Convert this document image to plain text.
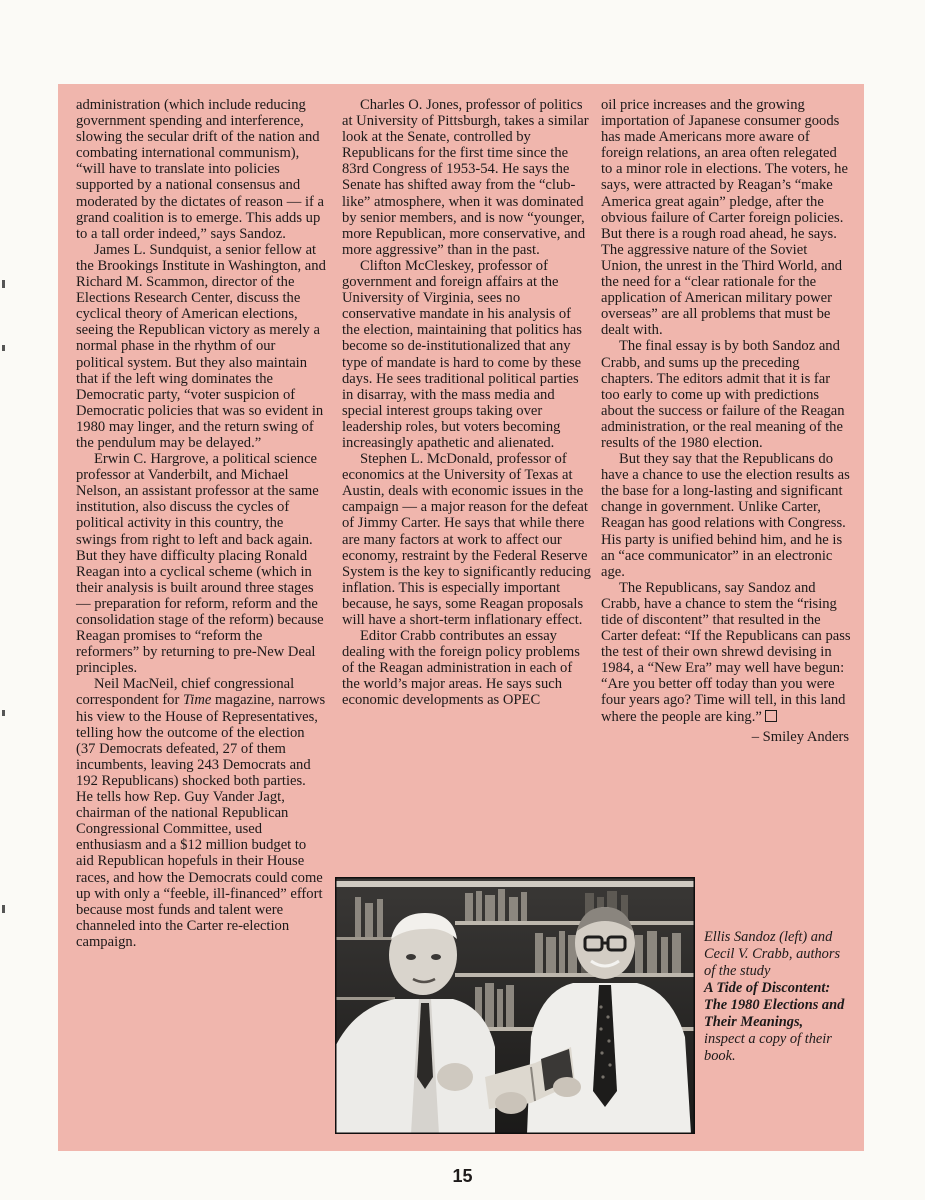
administration (which include reducing government spending and interference, slowing the secular drift of the nation and combating international communism), “will have to translate into policies supported by a national consensus and moderated by the dictates of reason — if a grand coalition is to emerge. This adds up to a tall order indeed,” says Sandoz.

James L. Sundquist, a senior fellow at the Brookings Institute in Washington, and Richard M. Scammon, director of the Elections Research Center, discuss the cyclical theory of American elections, seeing the Republican victory as merely a normal phase in the rhythm of our political system. But they also maintain that if the left wing dominates the Democratic party, “voter suspicion of Democratic policies that was so evident in 1980 may linger, and the return swing of the pendulum may be delayed.”

Erwin C. Hargrove, a political science professor at Vanderbilt, and Michael Nelson, an assistant professor at the same institution, also discuss the cycles of political activity in this country, the swings from right to left and back again. But they have difficulty placing Ronald Reagan into a cyclical scheme (which in their analysis is built around three stages — preparation for reform, reform and the consolidation stage of the reform) because Reagan promises to “reform the reformers” by returning to pre-New Deal principles.

Neil MacNeil, chief congressional correspondent for Time magazine, narrows his view to the House of Representatives, telling how the outcome of the election (37 Democrats defeated, 27 of them incumbents, leaving 243 Democrats and 192 Republicans) shocked both parties. He tells how Rep. Guy Vander Jagt, chairman of the national Republican Congressional Committee, used enthusiasm and a $12 million budget to aid Republican hopefuls in their House races, and how the Democrats could come up with only a “feeble, ill-financed” effort because most funds and talent were channeled into the Carter re-election campaign.

Charles O. Jones, professor of politics at University of Pittsburgh, takes a similar look at the Senate, controlled by Republicans for the first time since the 83rd Congress of 1953-54. He says the Senate has shifted away from the “club-like” atmosphere, when it was dominated by senior members, and is now “younger, more Republican, more conservative, and more aggressive” than in the past.

Clifton McCleskey, professor of government and foreign affairs at the University of Virginia, sees no conservative mandate in his analysis of the election, maintaining that politics has become so de-institutionalized that any type of mandate is hard to come by these days. He sees traditional political parties in disarray, with the mass media and special interest groups taking over leadership roles, but voters becoming increasingly apathetic and alienated.

Stephen L. McDonald, professor of economics at the University of Texas at Austin, deals with economic issues in the campaign — a major reason for the defeat of Jimmy Carter. He says that while there are many factors at work to affect our economy, restraint by the Federal Reserve System is the key to significantly reducing inflation. This is especially important because, he says, some Reagan proposals will have a short-term inflationary effect.

Editor Crabb contributes an essay dealing with the foreign policy problems of the Reagan administration in each of the world’s major areas. He says such economic developments as OPEC

oil price increases and the growing importation of Japanese consumer goods has made Americans more aware of foreign relations, an area often relegated to a minor role in elections. The voters, he says, were attracted by Reagan’s “make America great again” pledge, after the obvious failure of Carter foreign policies. But there is a rough road ahead, he says. The aggressive nature of the Soviet Union, the unrest in the Third World, and the need for a “clear rationale for the application of American military power overseas” are all problems that must be dealt with.

The final essay is by both Sandoz and Crabb, and sums up the preceding chapters. The editors admit that it is far too early to come up with predictions about the success or failure of the Reagan administration, or the real meaning of the results of the 1980 election.

But they say that the Republicans do have a chance to use the election results as the base for a long-lasting and significant change in government. Unlike Carter, Reagan has good relations with Congress. His party is unified behind him, and he is an “ace communicator” in an electronic age.

The Republicans, say Sandoz and Crabb, have a chance to stem the “rising tide of discontent” that resulted in the Carter defeat: “If the Republicans can pass the test of their own shrewd devising in 1984, a “New Era” may well have begun: “Are you better off today than you were four years ago? Time will tell, in this land where the people are king.”

– Smiley Anders

Ellis Sandoz (left) and Cecil V. Crabb, authors of the study
A Tide of Discontent: The 1980 Elections and Their Meanings,
inspect a copy of their book.
15
